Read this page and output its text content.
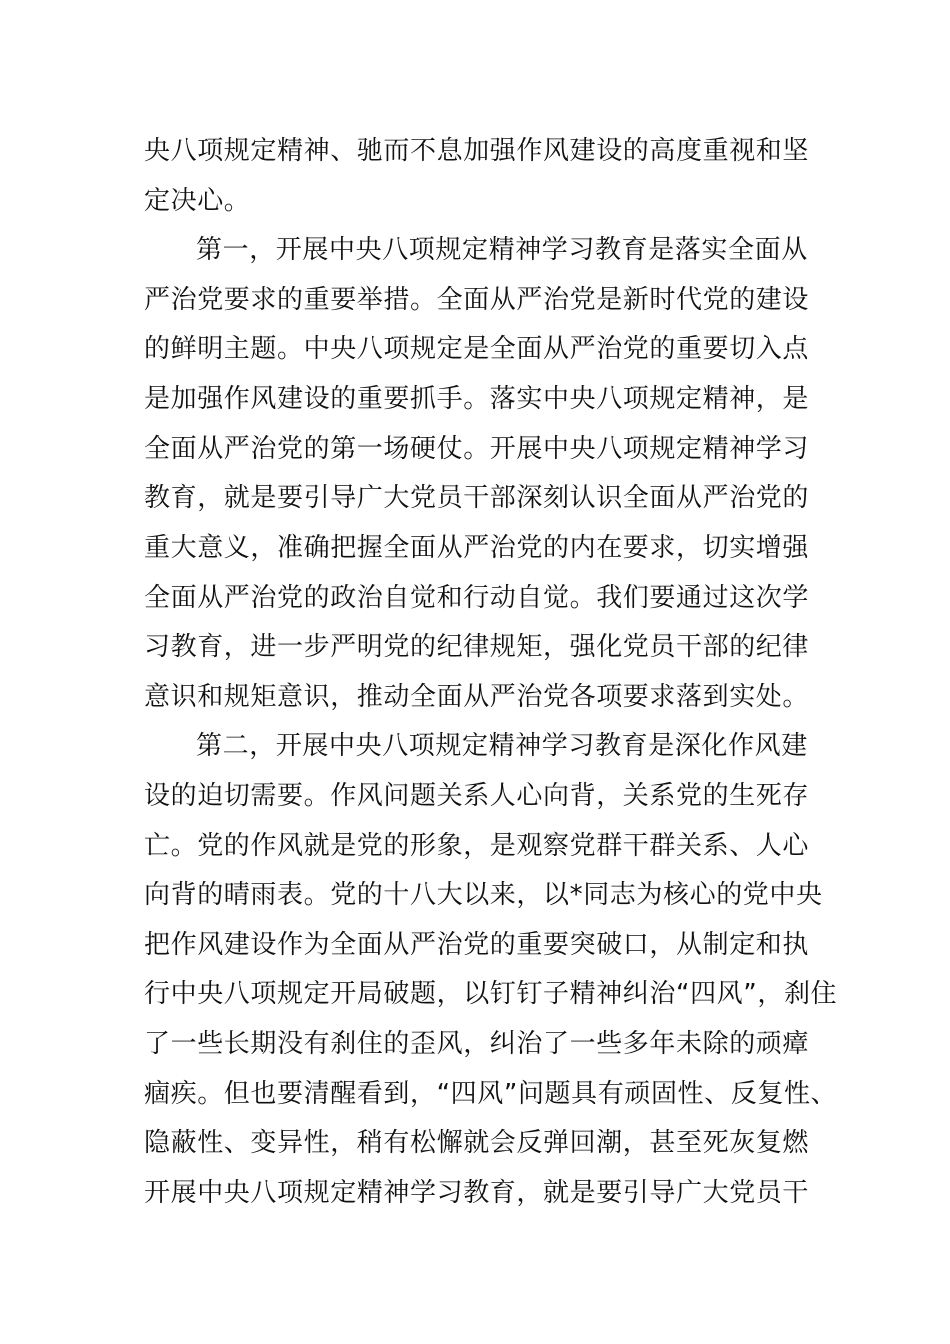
央八项规定精神、驰而不息加强作风建设的高度重视和坚
定决心。
第一，开展中央八项规定精神学习教育是落实全面从
严治党要求的重要举措。全面从严治党是新时代党的建设
的鲜明主题。中央八项规定是全面从严治党的重要切入点
是加强作风建设的重要抓手。落实中央八项规定精神，是
全面从严治党的第一场硬仗。开展中央八项规定精神学习
教育，就是要引导广大党员干部深刻认识全面从严治党的
重大意义，准确把握全面从严治党的内在要求，切实增强
全面从严治党的政治自觉和行动自觉。我们要通过这次学
习教育，进一步严明党的纪律规矩，强化党员干部的纪律
意识和规矩意识，推动全面从严治党各项要求落到实处。
第二，开展中央八项规定精神学习教育是深化作风建
设的迫切需要。作风问题关系人心向背，关系党的生死存
亡。党的作风就是党的形象，是观察党群干群关系、人心
向背的晴雨表。党的十八大以来，以*同志为核心的党中央
把作风建设作为全面从严治党的重要突破口，从制定和执
行中央八项规定开局破题，以钉钉子精神纠治“四风”，刹住
了一些长期没有刹住的歪风，纠治了一些多年未除的顽瘴
痼疾。但也要清醒看到，“四风”问题具有顽固性、反复性、
隐蔽性、变异性，稍有松懈就会反弹回潮，甚至死灰复燃
开展中央八项规定精神学习教育，就是要引导广大党员干
